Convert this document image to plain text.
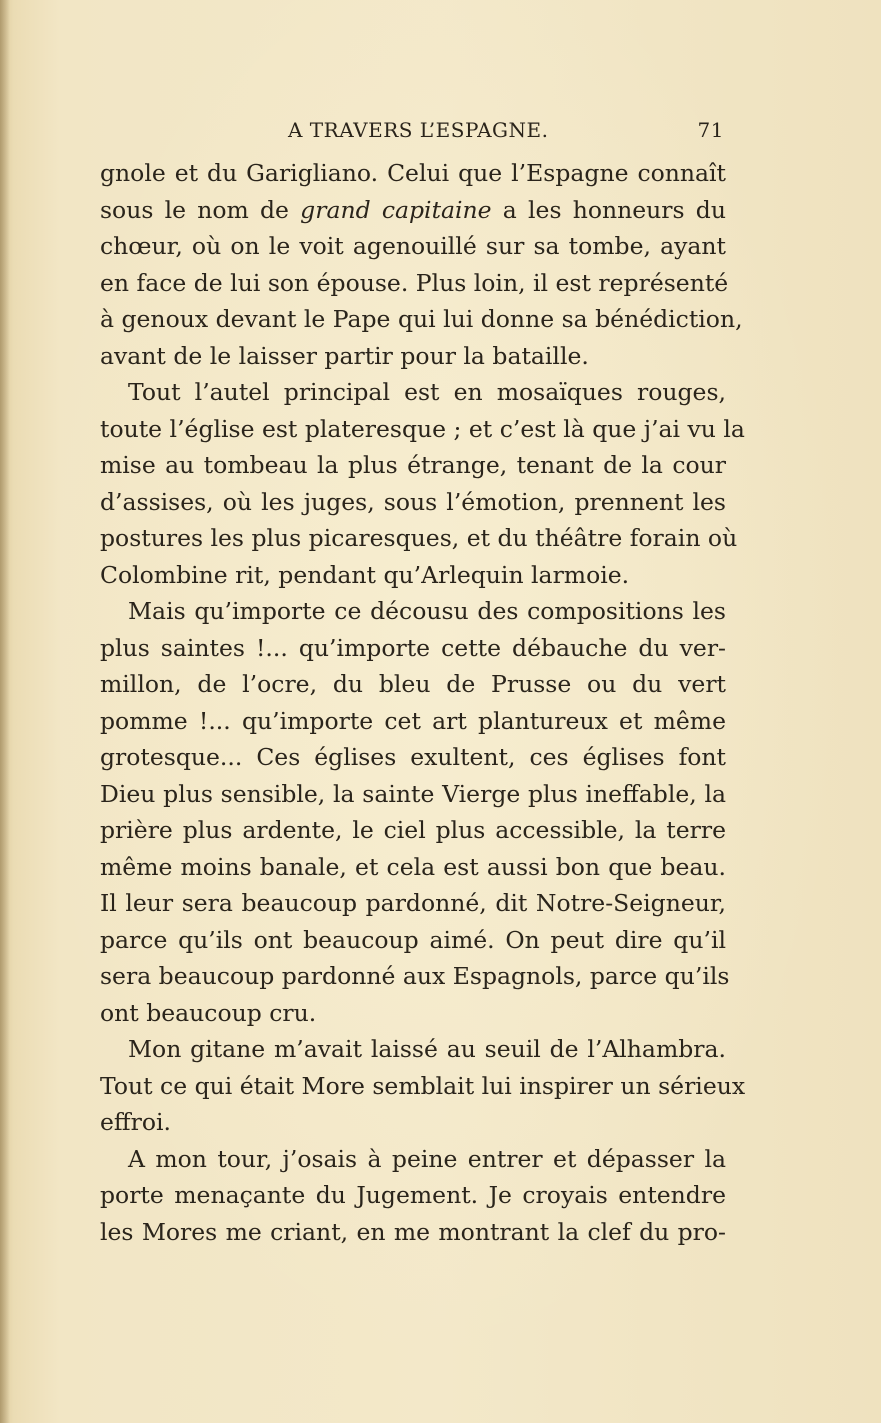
A TRAVERS L’ESPAGNE.	71
gnole et du Garigliano. Celui que l’Espagne connaît
sous le nom de grand capitaine a les honneurs du
chœur, où on le voit agenouillé sur sa tombe, ayant
en face de lui son épouse. Plus loin, il est représenté
à genoux devant le Pape qui lui donne sa bénédiction,
avant de le laisser partir pour la bataille.
Tout l’autel principal est en mosaïques rouges,
toute l’église est plateresque ; et c’est là que j’ai vu la
mise au tombeau la plus étrange, tenant de la cour
d’assises, où les juges, sous l’émotion, prennent les
postures les plus picaresques, et du théâtre forain où
Colombine rit, pendant qu’Arlequin larmoie.
Mais qu’importe ce décousu des compositions les
plus saintes !... qu’importe cette débauche du ver-
millon, de l’ocre, du bleu de Prusse ou du vert
pomme !... qu’importe cet art plantureux et même
grotesque... Ces églises exultent, ces églises font
Dieu plus sensible, la sainte Vierge plus ineffable, la
prière plus ardente, le ciel plus accessible, la terre
même moins banale, et cela est aussi bon que beau.
Il leur sera beaucoup pardonné, dit Notre-Seigneur,
parce qu’ils ont beaucoup aimé. On peut dire qu’il
sera beaucoup pardonné aux Espagnols, parce qu’ils
ont beaucoup cru.
Mon gitane m’avait laissé au seuil de l’Alhambra.
Tout ce qui était More semblait lui inspirer un sérieux
effroi.
A mon tour, j’osais à peine entrer et dépasser la
porte menaçante du Jugement. Je croyais entendre
les Mores me criant, en me montrant la clef du pro-
